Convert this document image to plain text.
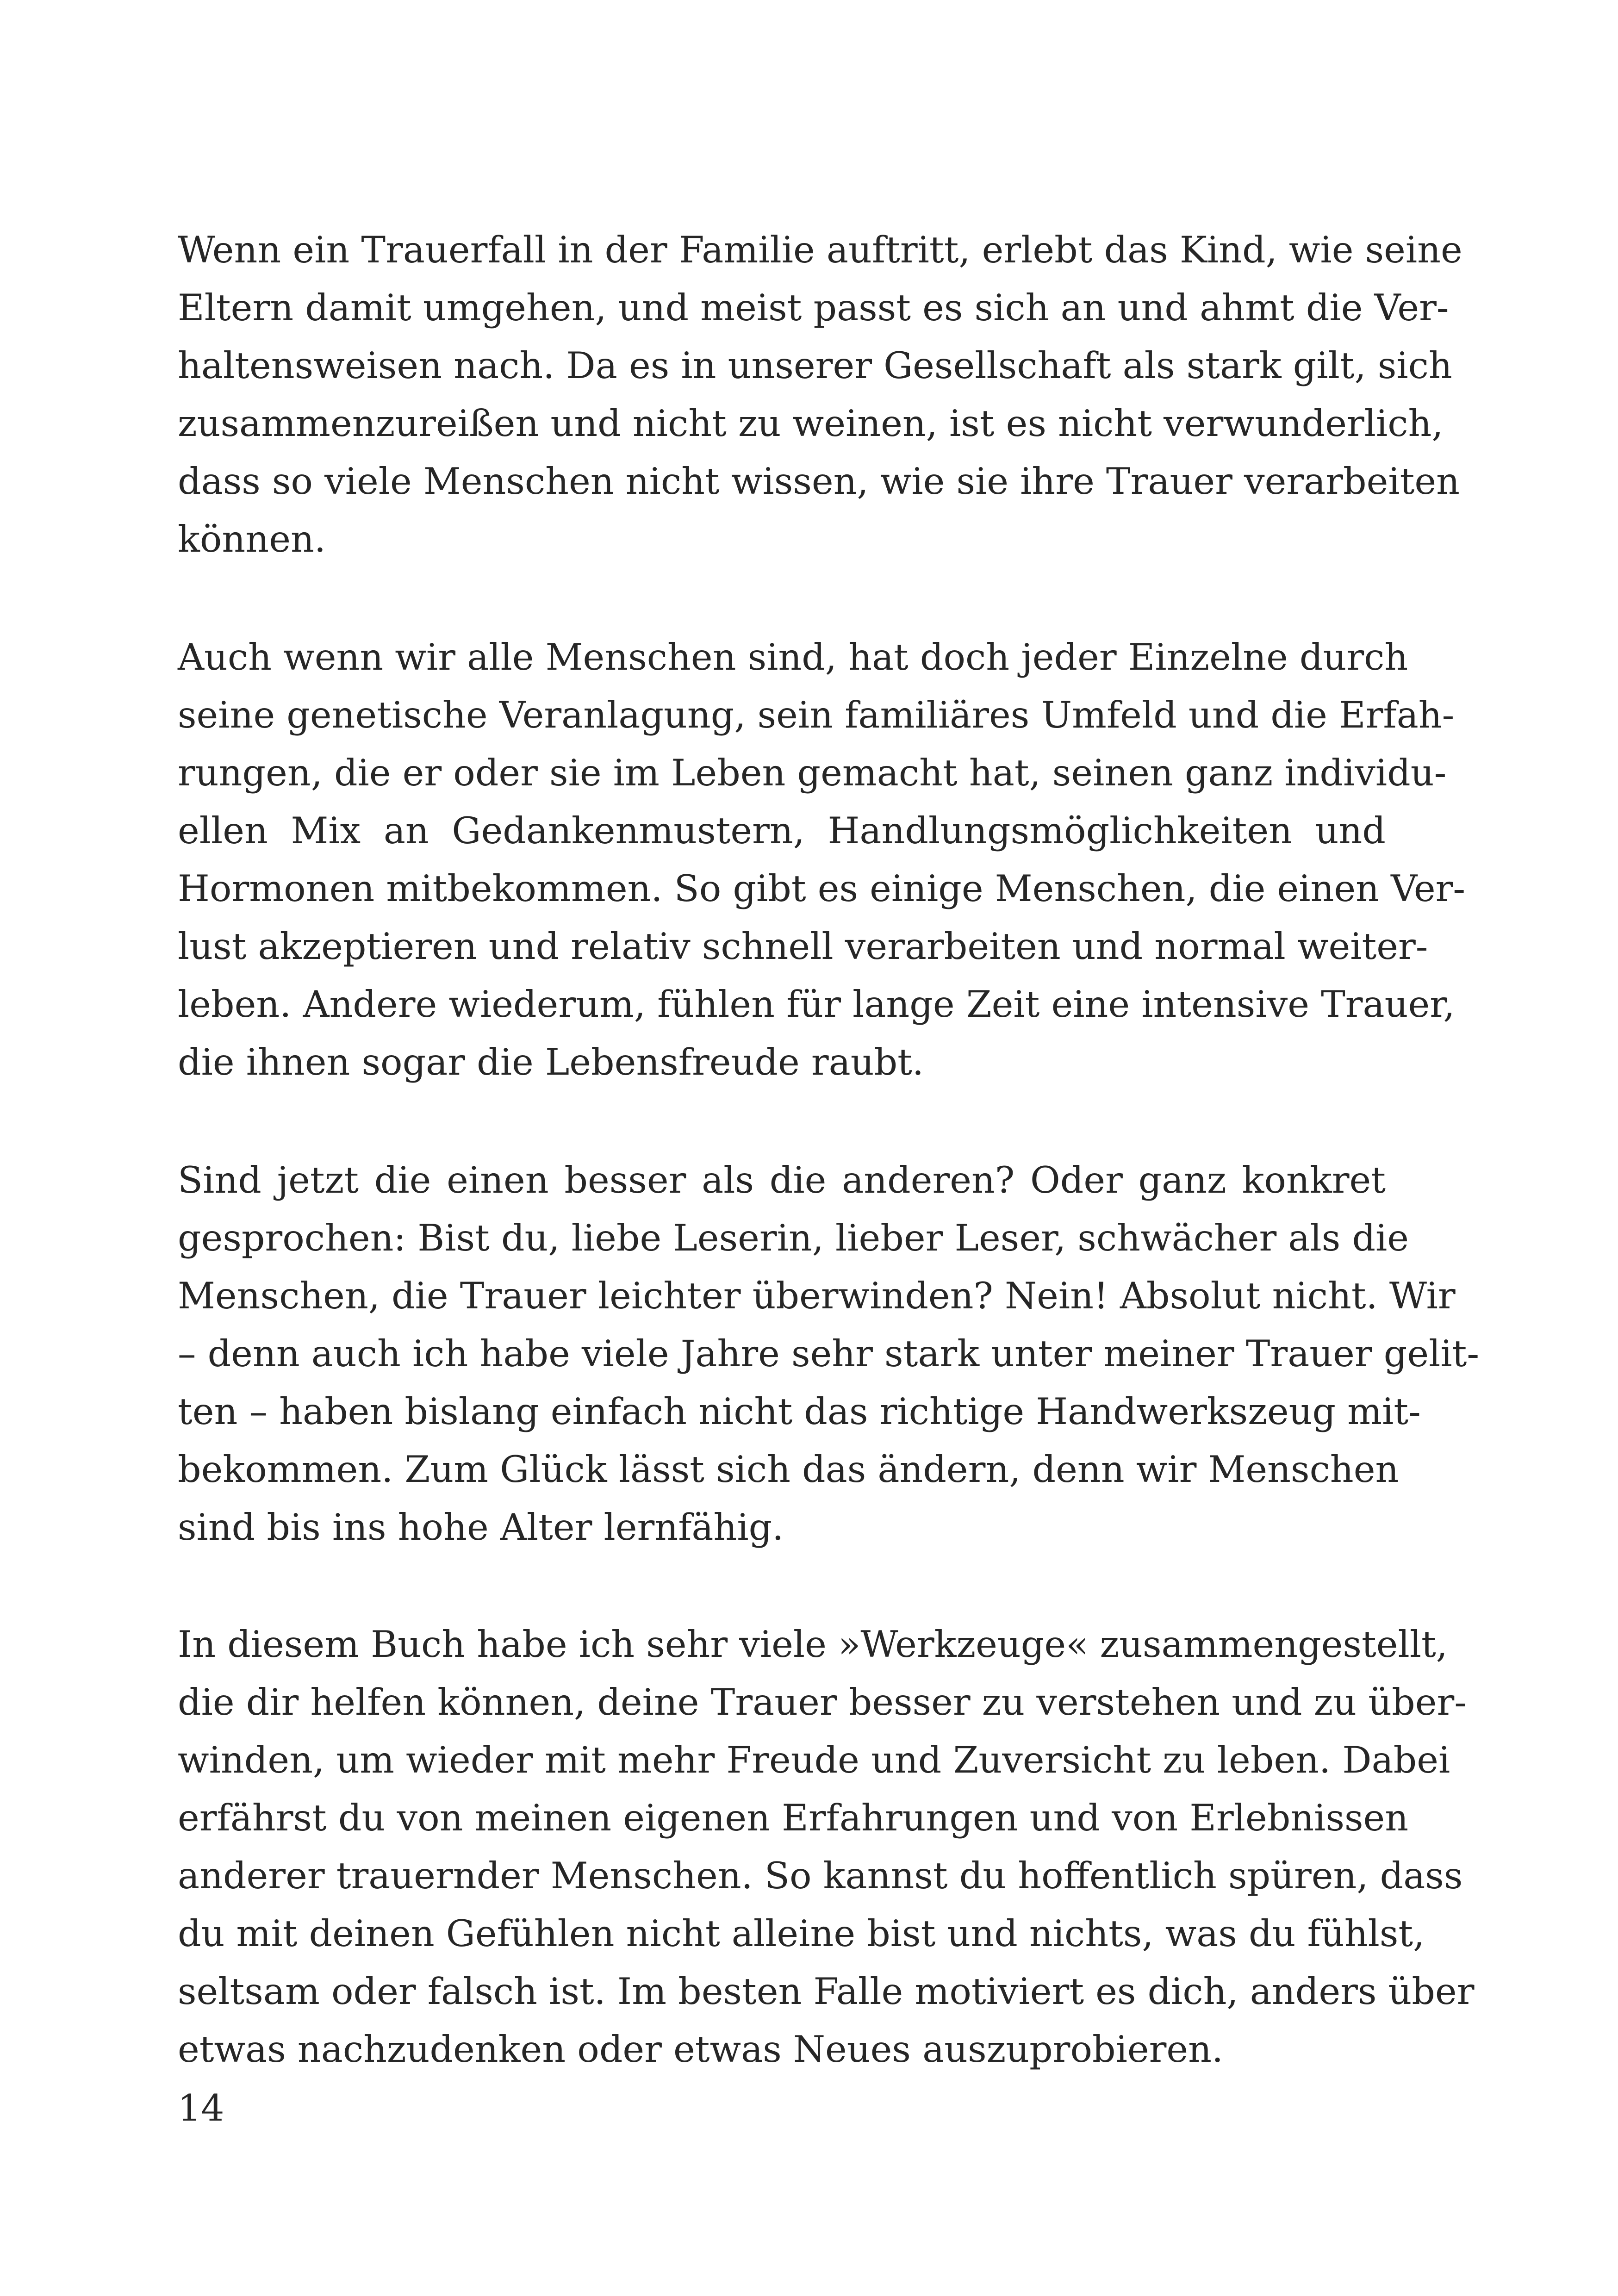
Wenn ein Trauerfall in der Familie auftritt, erlebt das Kind, wie seine
Eltern damit umgehen, und meist passt es sich an und ahmt die Ver-
haltensweisen nach. Da es in unserer Gesellschaft als stark gilt, sich
zusammenzureißen und nicht zu weinen, ist es nicht verwunderlich,
dass so viele Menschen nicht wissen, wie sie ihre Trauer verarbeiten
können.
Auch wenn wir alle Menschen sind, hat doch jeder Einzelne durch
seine genetische Veranlagung, sein familiäres Umfeld und die Erfah-
rungen, die er oder sie im Leben gemacht hat, seinen ganz individu-
ellen Mix an Gedankenmustern, Handlungsmöglichkeiten und
Hormonen mitbekommen. So gibt es einige Menschen, die einen Ver-
lust akzeptieren und relativ schnell verarbeiten und normal weiter-
leben. Andere wiederum, fühlen für lange Zeit eine intensive Trauer,
die ihnen sogar die Lebensfreude raubt.
Sind jetzt die einen besser als die anderen? Oder ganz konkret
gesprochen: Bist du, liebe Leserin, lieber Leser, schwächer als die
Menschen, die Trauer leichter überwinden? Nein! Absolut nicht. Wir
– denn auch ich habe viele Jahre sehr stark unter meiner Trauer gelit-
ten – haben bislang einfach nicht das richtige Handwerkszeug mit-
bekommen. Zum Glück lässt sich das ändern, denn wir Menschen
sind bis ins hohe Alter lernfähig.
In diesem Buch habe ich sehr viele »Werkzeuge« zusammengestellt,
die dir helfen können, deine Trauer besser zu verstehen und zu über-
winden, um wieder mit mehr Freude und Zuversicht zu leben. Dabei
erfährst du von meinen eigenen Erfahrungen und von Erlebnissen
anderer trauernder Menschen. So kannst du hoffentlich spüren, dass
du mit deinen Gefühlen nicht alleine bist und nichts, was du fühlst,
seltsam oder falsch ist. Im besten Falle motiviert es dich, anders über
etwas nachzudenken oder etwas Neues auszuprobieren.
14
